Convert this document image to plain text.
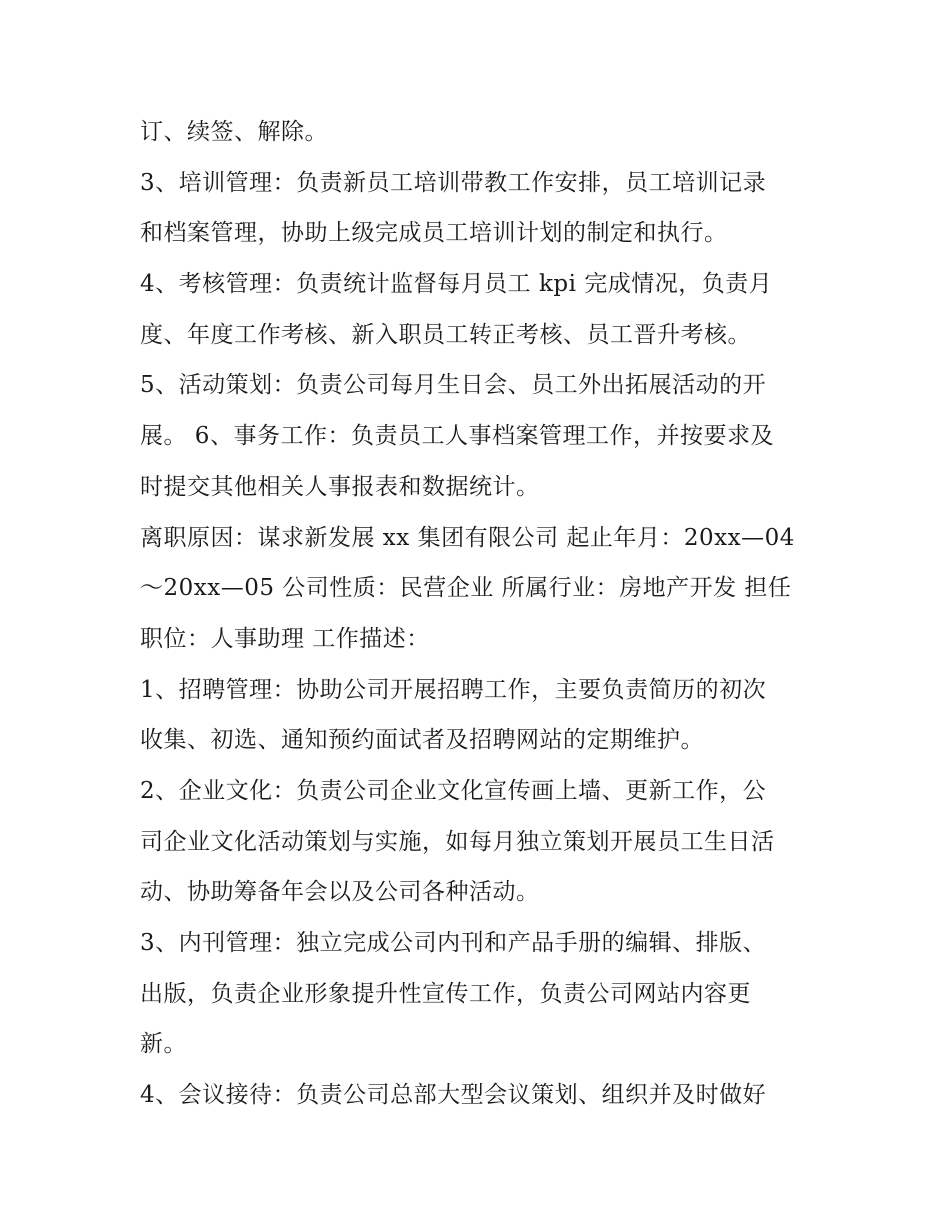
订、续签、解除。
3、培训管理：负责新员工培训带教工作安排，员工培训记录
和档案管理，协助上级完成员工培训计划的制定和执行。
4、考核管理：负责统计监督每月员工 kpi 完成情况，负责月
度、年度工作考核、新入职员工转正考核、员工晋升考核。
5、活动策划：负责公司每月生日会、员工外出拓展活动的开
展。 6、事务工作：负责员工人事档案管理工作，并按要求及
时提交其他相关人事报表和数据统计。
离职原因：谋求新发展 xx 集团有限公司 起止年月：20xx—04
～20xx—05 公司性质：民营企业 所属行业：房地产开发 担任
职位：人事助理 工作描述：
1、招聘管理：协助公司开展招聘工作，主要负责简历的初次
收集、初选、通知预约面试者及招聘网站的定期维护。
2、企业文化：负责公司企业文化宣传画上墙、更新工作，公
司企业文化活动策划与实施，如每月独立策划开展员工生日活
动、协助筹备年会以及公司各种活动。
3、内刊管理：独立完成公司内刊和产品手册的编辑、排版、
出版，负责企业形象提升性宣传工作，负责公司网站内容更
新。
4、会议接待：负责公司总部大型会议策划、组织并及时做好
